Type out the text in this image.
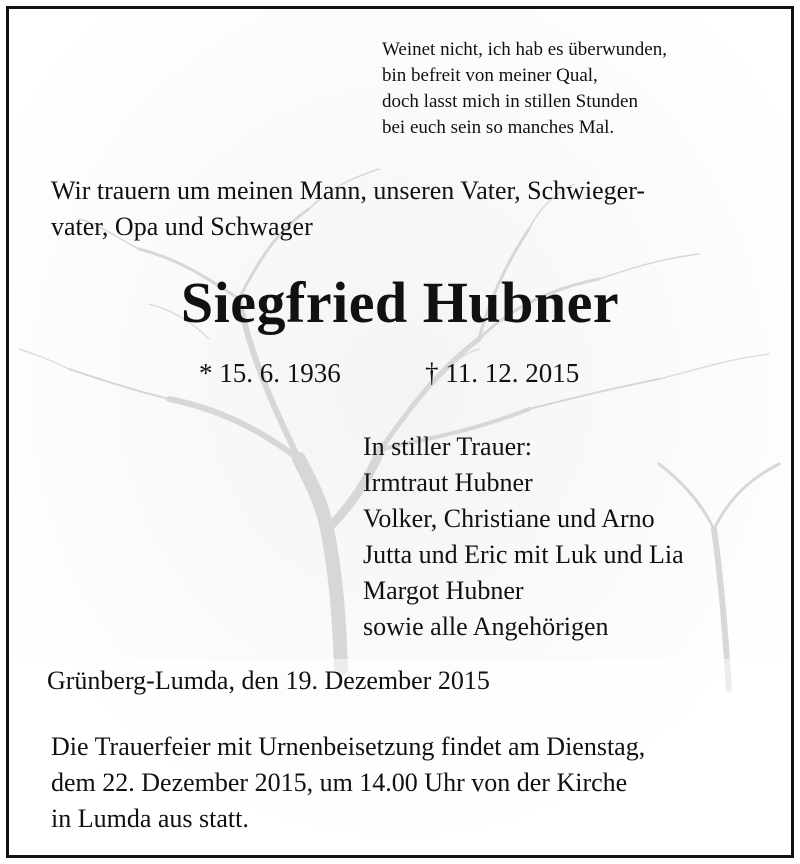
Weinet nicht, ich hab es überwunden,
bin befreit von meiner Qual,
doch lasst mich in stillen Stunden
bei euch sein so manches Mal.
Wir trauern um meinen Mann, unseren Vater, Schwieger-
vater, Opa und Schwager
Siegfried Hubner
* 15. 6. 1936	† 11. 12. 2015
In stiller Trauer:
Irmtraut Hubner
Volker, Christiane und Arno
Jutta und Eric mit Luk und Lia
Margot Hubner
sowie alle Angehörigen
Grünberg-Lumda, den 19. Dezember 2015
Die Trauerfeier mit Urnenbeisetzung findet am Dienstag,
dem 22. Dezember 2015, um 14.00 Uhr von der Kirche
in Lumda aus statt.
